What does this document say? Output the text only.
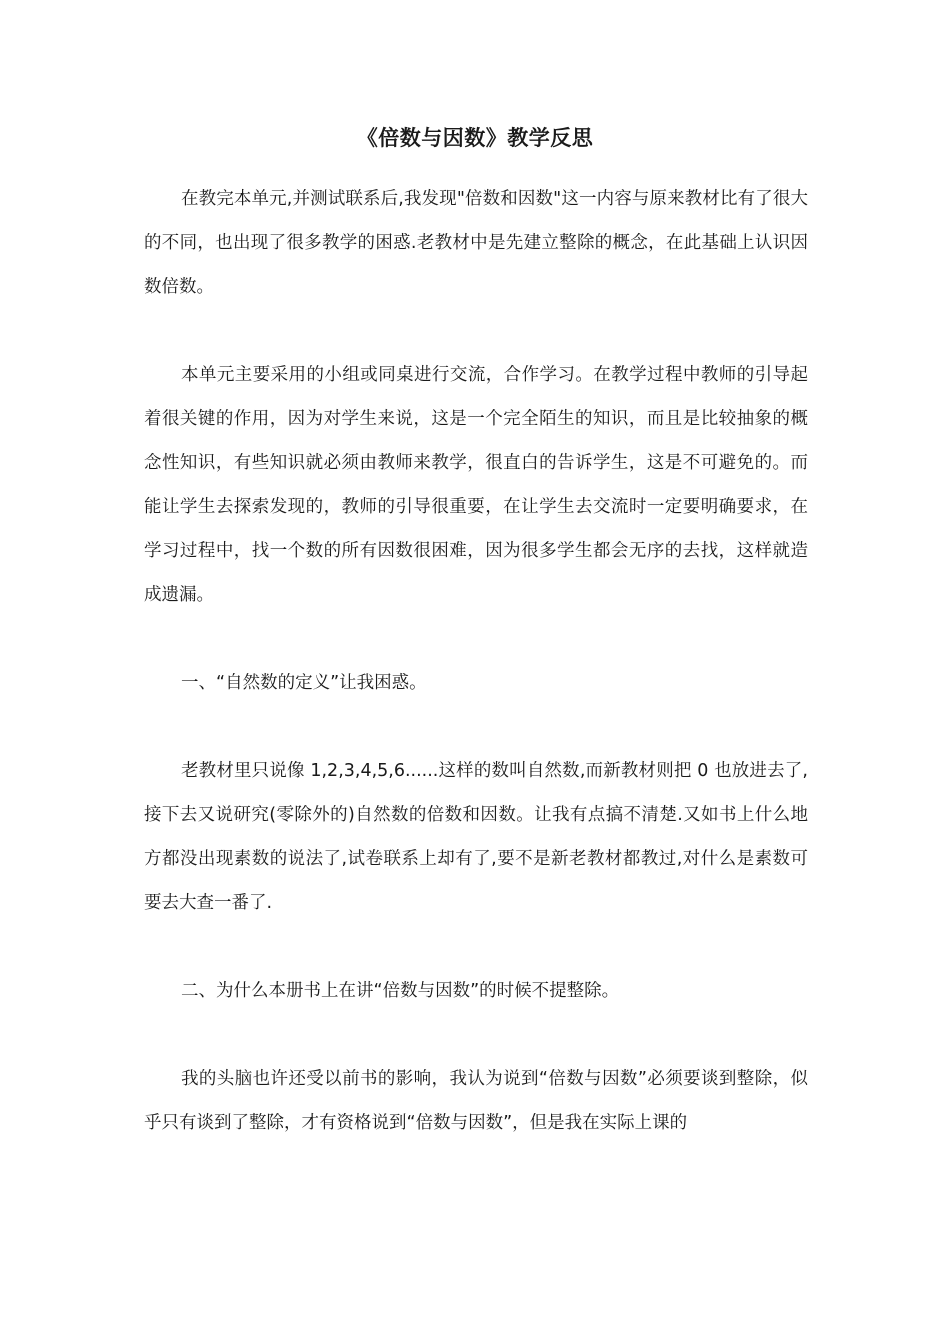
《倍数与因数》教学反思

在教完本单元,并测试联系后,我发现"倍数和因数"这一内容与原来教材比有了很大的不同，也出现了很多教学的困惑.老教材中是先建立整除的概念，在此基础上认识因数倍数。

本单元主要采用的小组或同桌进行交流，合作学习。在教学过程中教师的引导起着很关键的作用，因为对学生来说，这是一个完全陌生的知识，而且是比较抽象的概念性知识，有些知识就必须由教师来教学，很直白的告诉学生，这是不可避免的。而能让学生去探索发现的，教师的引导很重要，在让学生去交流时一定要明确要求，在学习过程中，找一个数的所有因数很困难，因为很多学生都会无序的去找，这样就造成遗漏。

一、“自然数的定义”让我困惑。

老教材里只说像 1,2,3,4,5,6......这样的数叫自然数,而新教材则把 0 也放进去了,接下去又说研究(零除外的)自然数的倍数和因数。让我有点搞不清楚.又如书上什么地方都没出现素数的说法了,试卷联系上却有了,要不是新老教材都教过,对什么是素数可要去大查一番了.

二、为什么本册书上在讲“倍数与因数”的时候不提整除。

我的头脑也许还受以前书的影响，我认为说到“倍数与因数”必须要谈到整除，似乎只有谈到了整除，才有资格说到“倍数与因数”，但是我在实际上课的
